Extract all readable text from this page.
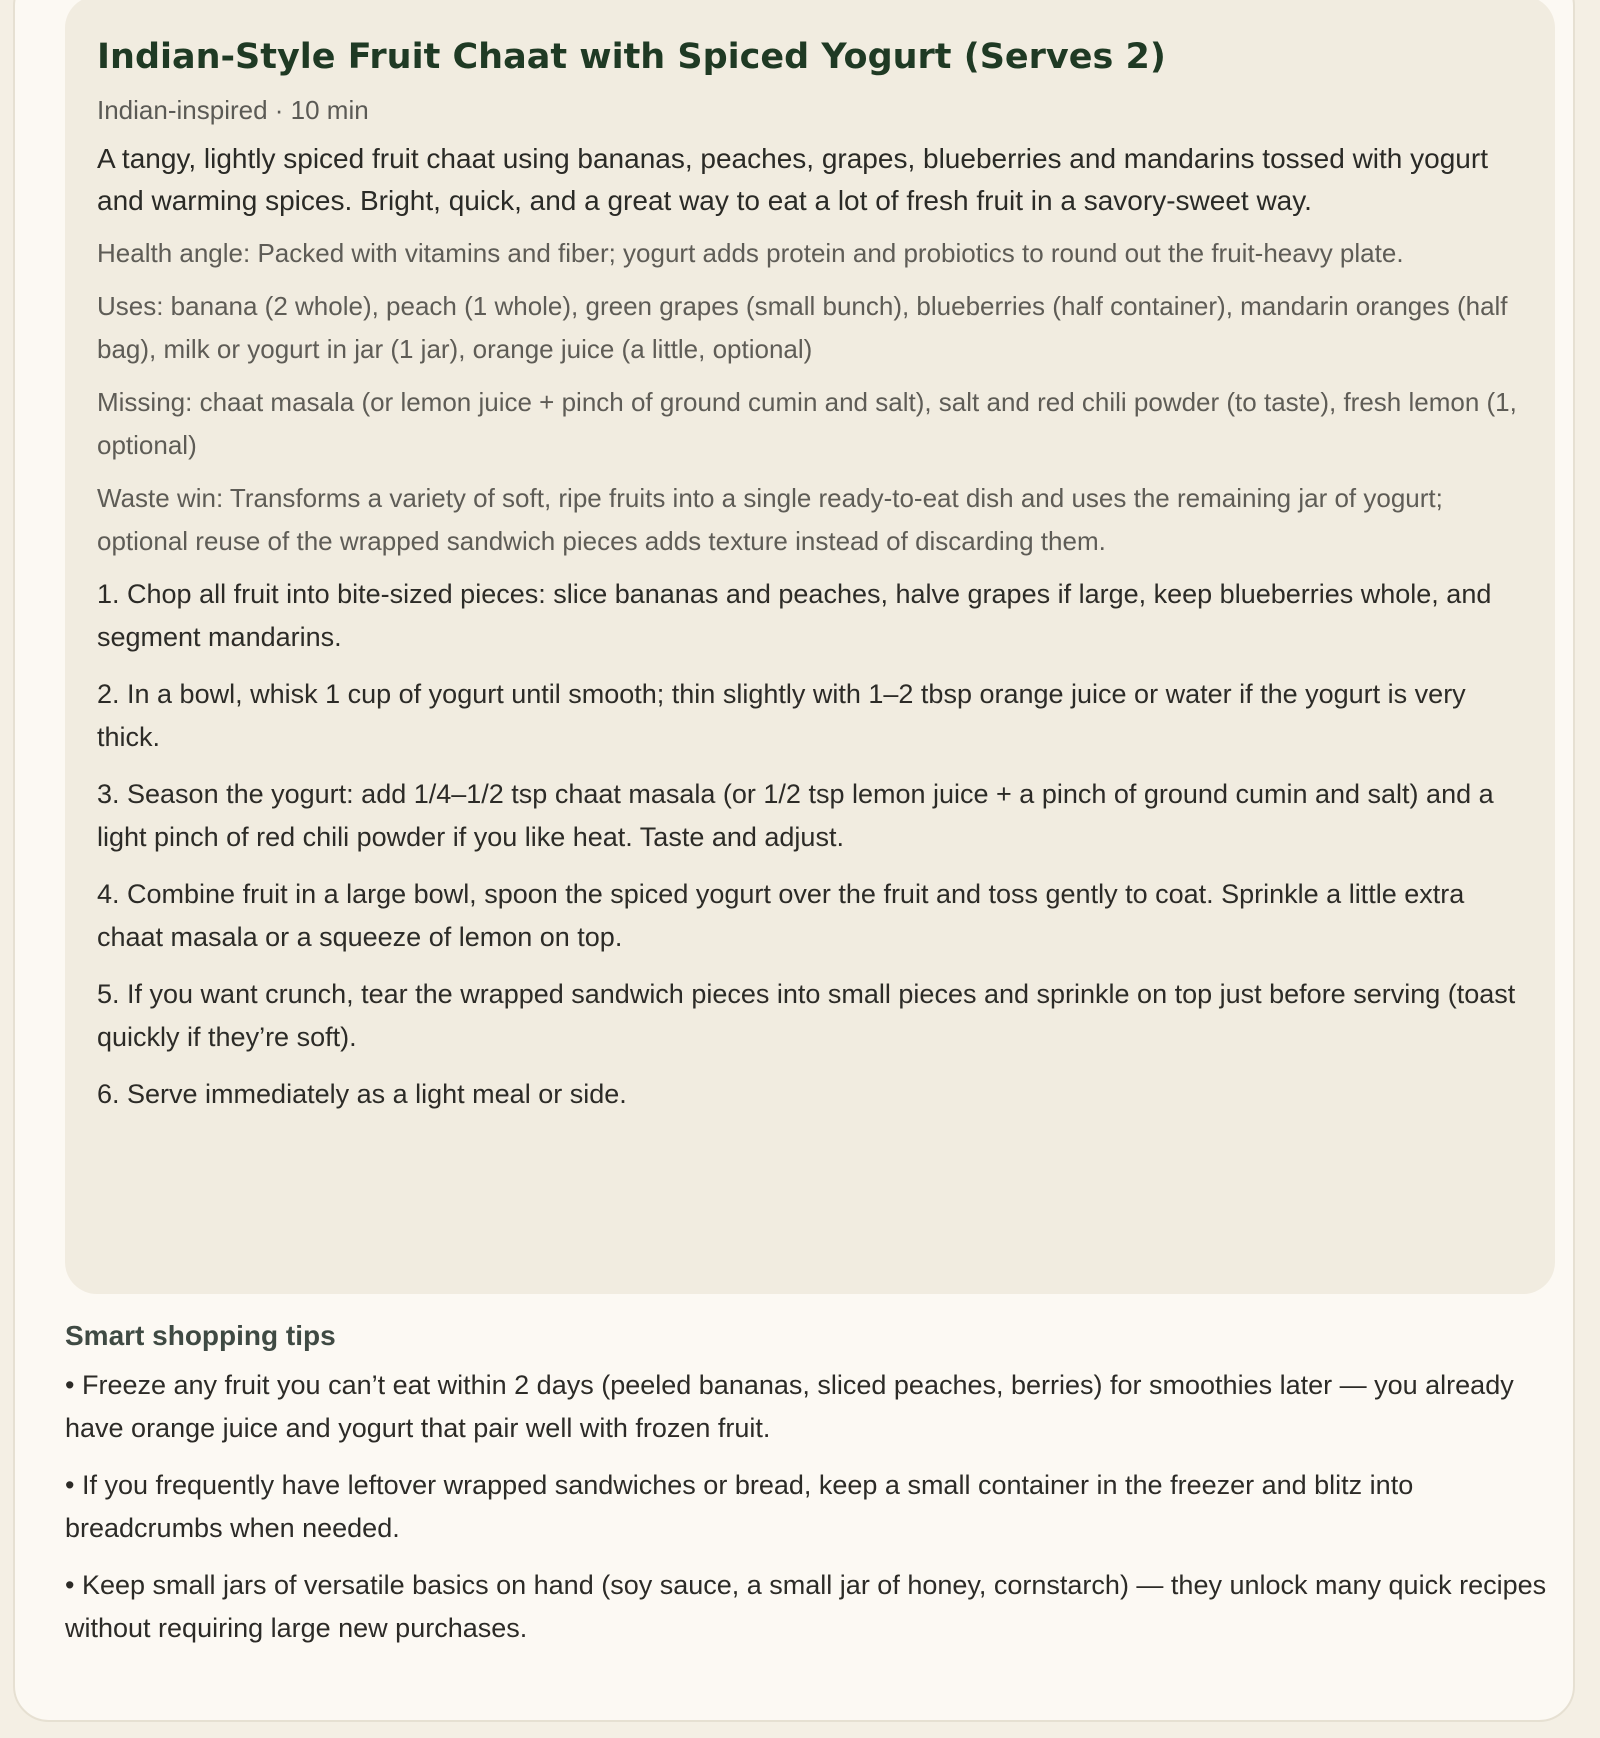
Indian-Style Fruit Chaat with Spiced Yogurt (Serves 2)
Indian-inspired · 10 min
A tangy, lightly spiced fruit chaat using bananas, peaches, grapes, blueberries and mandarins tossed with yogurt and warming spices. Bright, quick, and a great way to eat a lot of fresh fruit in a savory-sweet way.
Health angle: Packed with vitamins and fiber; yogurt adds protein and probiotics to round out the fruit-heavy plate.
Uses: banana (2 whole), peach (1 whole), green grapes (small bunch), blueberries (half container), mandarin oranges (half bag), milk or yogurt in jar (1 jar), orange juice (a little, optional)
Missing: chaat masala (or lemon juice + pinch of ground cumin and salt), salt and red chili powder (to taste), fresh lemon (1, optional)
Waste win: Transforms a variety of soft, ripe fruits into a single ready-to-eat dish and uses the remaining jar of yogurt; optional reuse of the wrapped sandwich pieces adds texture instead of discarding them.
1. Chop all fruit into bite-sized pieces: slice bananas and peaches, halve grapes if large, keep blueberries whole, and segment mandarins.
2. In a bowl, whisk 1 cup of yogurt until smooth; thin slightly with 1–2 tbsp orange juice or water if the yogurt is very thick.
3. Season the yogurt: add 1/4–1/2 tsp chaat masala (or 1/2 tsp lemon juice + a pinch of ground cumin and salt) and a light pinch of red chili powder if you like heat. Taste and adjust.
4. Combine fruit in a large bowl, spoon the spiced yogurt over the fruit and toss gently to coat. Sprinkle a little extra chaat masala or a squeeze of lemon on top.
5. If you want crunch, tear the wrapped sandwich pieces into small pieces and sprinkle on top just before serving (toast quickly if they’re soft).
6. Serve immediately as a light meal or side.
Smart shopping tips
• Freeze any fruit you can’t eat within 2 days (peeled bananas, sliced peaches, berries) for smoothies later — you already have orange juice and yogurt that pair well with frozen fruit.
• If you frequently have leftover wrapped sandwiches or bread, keep a small container in the freezer and blitz into breadcrumbs when needed.
• Keep small jars of versatile basics on hand (soy sauce, a small jar of honey, cornstarch) — they unlock many quick recipes without requiring large new purchases.
